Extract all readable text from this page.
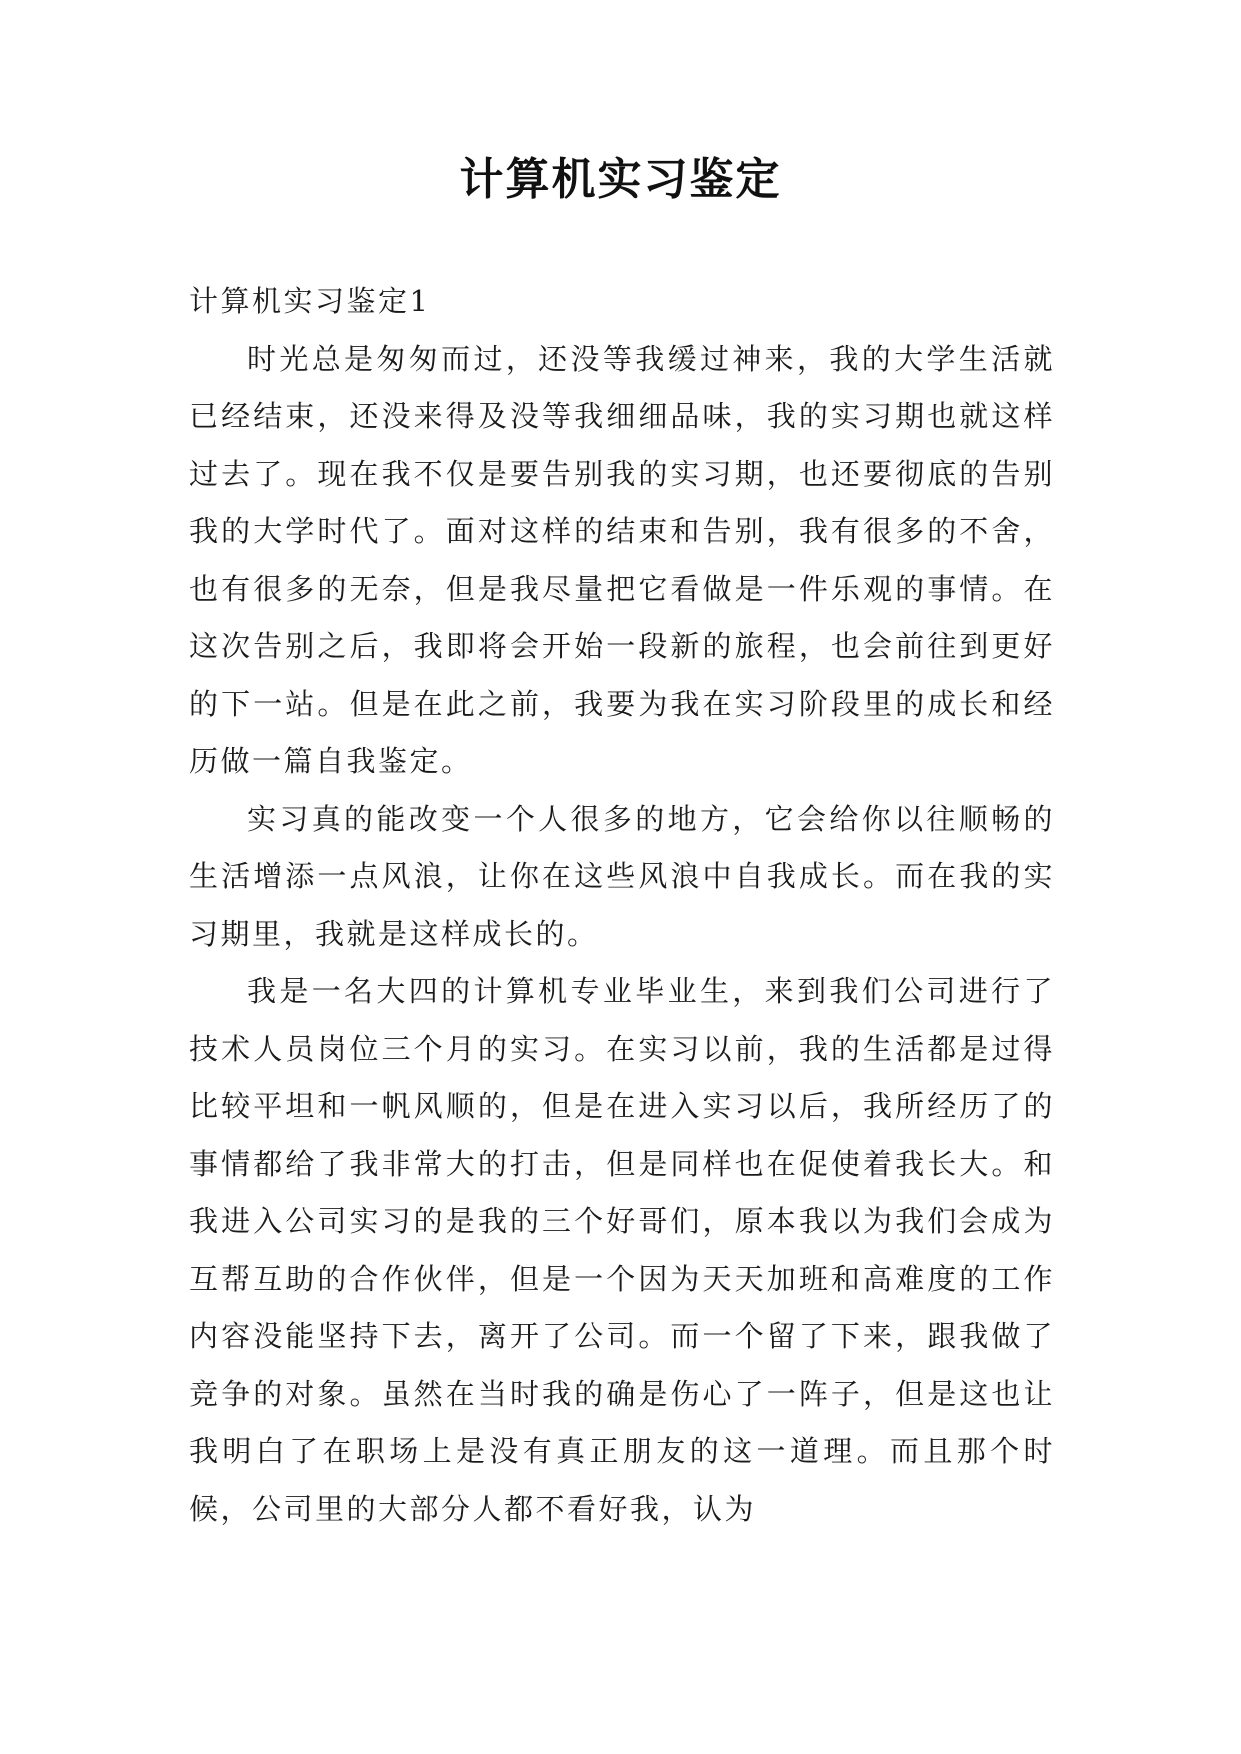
计算机实习鉴定
计算机实习鉴定1

时光总是匆匆而过，还没等我缓过神来，我的大学生活就已经结束，还没来得及没等我细细品味，我的实习期也就这样过去了。现在我不仅是要告别我的实习期，也还要彻底的告别我的大学时代了。面对这样的结束和告别，我有很多的不舍，也有很多的无奈，但是我尽量把它看做是一件乐观的事情。在这次告别之后，我即将会开始一段新的旅程，也会前往到更好的下一站。但是在此之前，我要为我在实习阶段里的成长和经历做一篇自我鉴定。

实习真的能改变一个人很多的地方，它会给你以往顺畅的生活增添一点风浪，让你在这些风浪中自我成长。而在我的实习期里，我就是这样成长的。

我是一名大四的计算机专业毕业生，来到我们公司进行了技术人员岗位三个月的实习。在实习以前，我的生活都是过得比较平坦和一帆风顺的，但是在进入实习以后，我所经历了的事情都给了我非常大的打击，但是同样也在促使着我长大。和我进入公司实习的是我的三个好哥们，原本我以为我们会成为互帮互助的合作伙伴，但是一个因为天天加班和高难度的工作内容没能坚持下去，离开了公司。而一个留了下来，跟我做了竞争的对象。虽然在当时我的确是伤心了一阵子，但是这也让我明白了在职场上是没有真正朋友的这一道理。而且那个时候，公司里的大部分人都不看好我，认为
